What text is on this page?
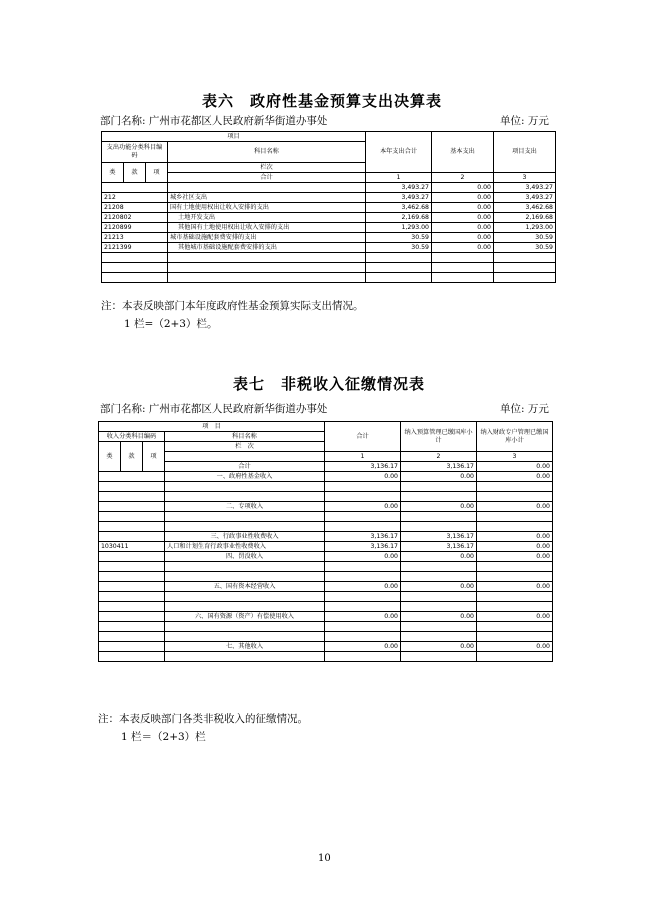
表六　政府性基金预算支出决算表
部门名称: 广州市花都区人民政府新华街道办事处	单位: 万元
项目				本年支出合计	基本支出	项目支出
支出功能分类科目编码			科目名称			

类	款	项	栏次			
			合计	1	2	3
				3,493.27	0.00	3,493.27
212			城乡社区支出	3,493.27	0.00	3,493.27
21208			国有土地使用权出让收入安排的支出	3,462.68	0.00	3,462.68
2120802			土地开发支出	2,169.68	0.00	2,169.68
2120899			其他国有土地使用权出让收入安排的支出	1,293.00	0.00	1,293.00
21213			城市基础设施配套费安排的支出	30.59	0.00	30.59
2121399			其他城市基础设施配套费安排的支出	30.59	0.00	30.59

注：本表反映部门本年度政府性基金预算实际支出情况。
1 栏=（2+3）栏。
表七　非税收入征缴情况表
部门名称: 广州市花都区人民政府新华街道办事处	单位: 万元
项　目				合计	纳入预算管理已缴国库小计	纳入财政专户管理已缴国库小计
收入分类科目编码			科目名称			
类	款	项	栏　次			
				1	2	3
			合计	3,136.17	3,136.17	0.00
			一、政府性基金收入	0.00	0.00	0.00

			二、专项收入	0.00	0.00	0.00

			三、行政事业性收费收入	3,136.17	3,136.17	0.00
1030411			人口和计划生育行政事业性收费收入	3,136.17	3,136.17	0.00
			四、罚没收入	0.00	0.00	0.00

			五、国有资本经营收入	0.00	0.00	0.00

			六、国有资源（资产）有偿使用收入	0.00	0.00	0.00

			七、其他收入	0.00	0.00	0.00

注：本表反映部门各类非税收入的征缴情况。
1 栏＝（2+3）栏
10
